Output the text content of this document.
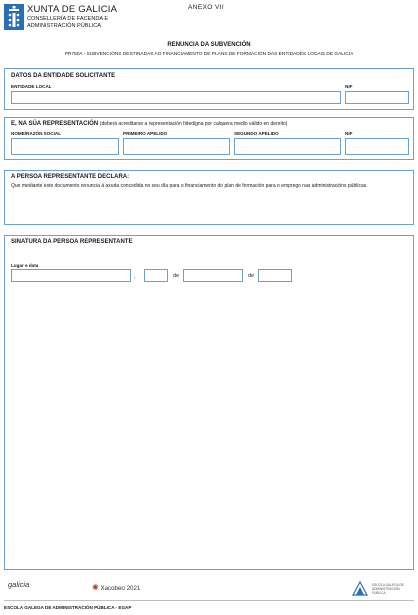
XUNTA DE GALICIA
CONSELLERÍA DE FACENDA E
ADMINISTRACIÓN PÚBLICA
ANEXO VII
RENUNCIA DA SUBVENCIÓN
PR780A - SUBVENCIÓNS DESTINADAS AO FINANCIAMENTO DE PLANS DE FORMACIÓN DAS ENTIDADES LOCAIS DE GALICIA
DATOS DA ENTIDADE SOLICITANTE
ENTIDADE LOCAL	NIF
E, NA SÚA REPRESENTACIÓN (deberá acreditarse a representación fidedigna por calquera medio válido en dereito)
NOME/RAZÓN SOCIAL	PRIMEIRO APELIDO	SEGUNDO APELIDO	NIF
A PERSOA REPRESENTANTE DECLARA:
Que mediante este documento renuncia á axuda concedida no seu día para o financiamento do plan de formación para o emprego nas administracións públicas.
SINATURA DA PERSOA REPRESENTANTE
Lugar e data
,	de	de
galicia	✺ Xacobeo 2021	ESCOLA GALEGA DE
ADMINISTRACIÓN
PÚBLICA
ESCOLA GALEGA DE ADMINISTRACIÓN PÚBLICA - EGAP
